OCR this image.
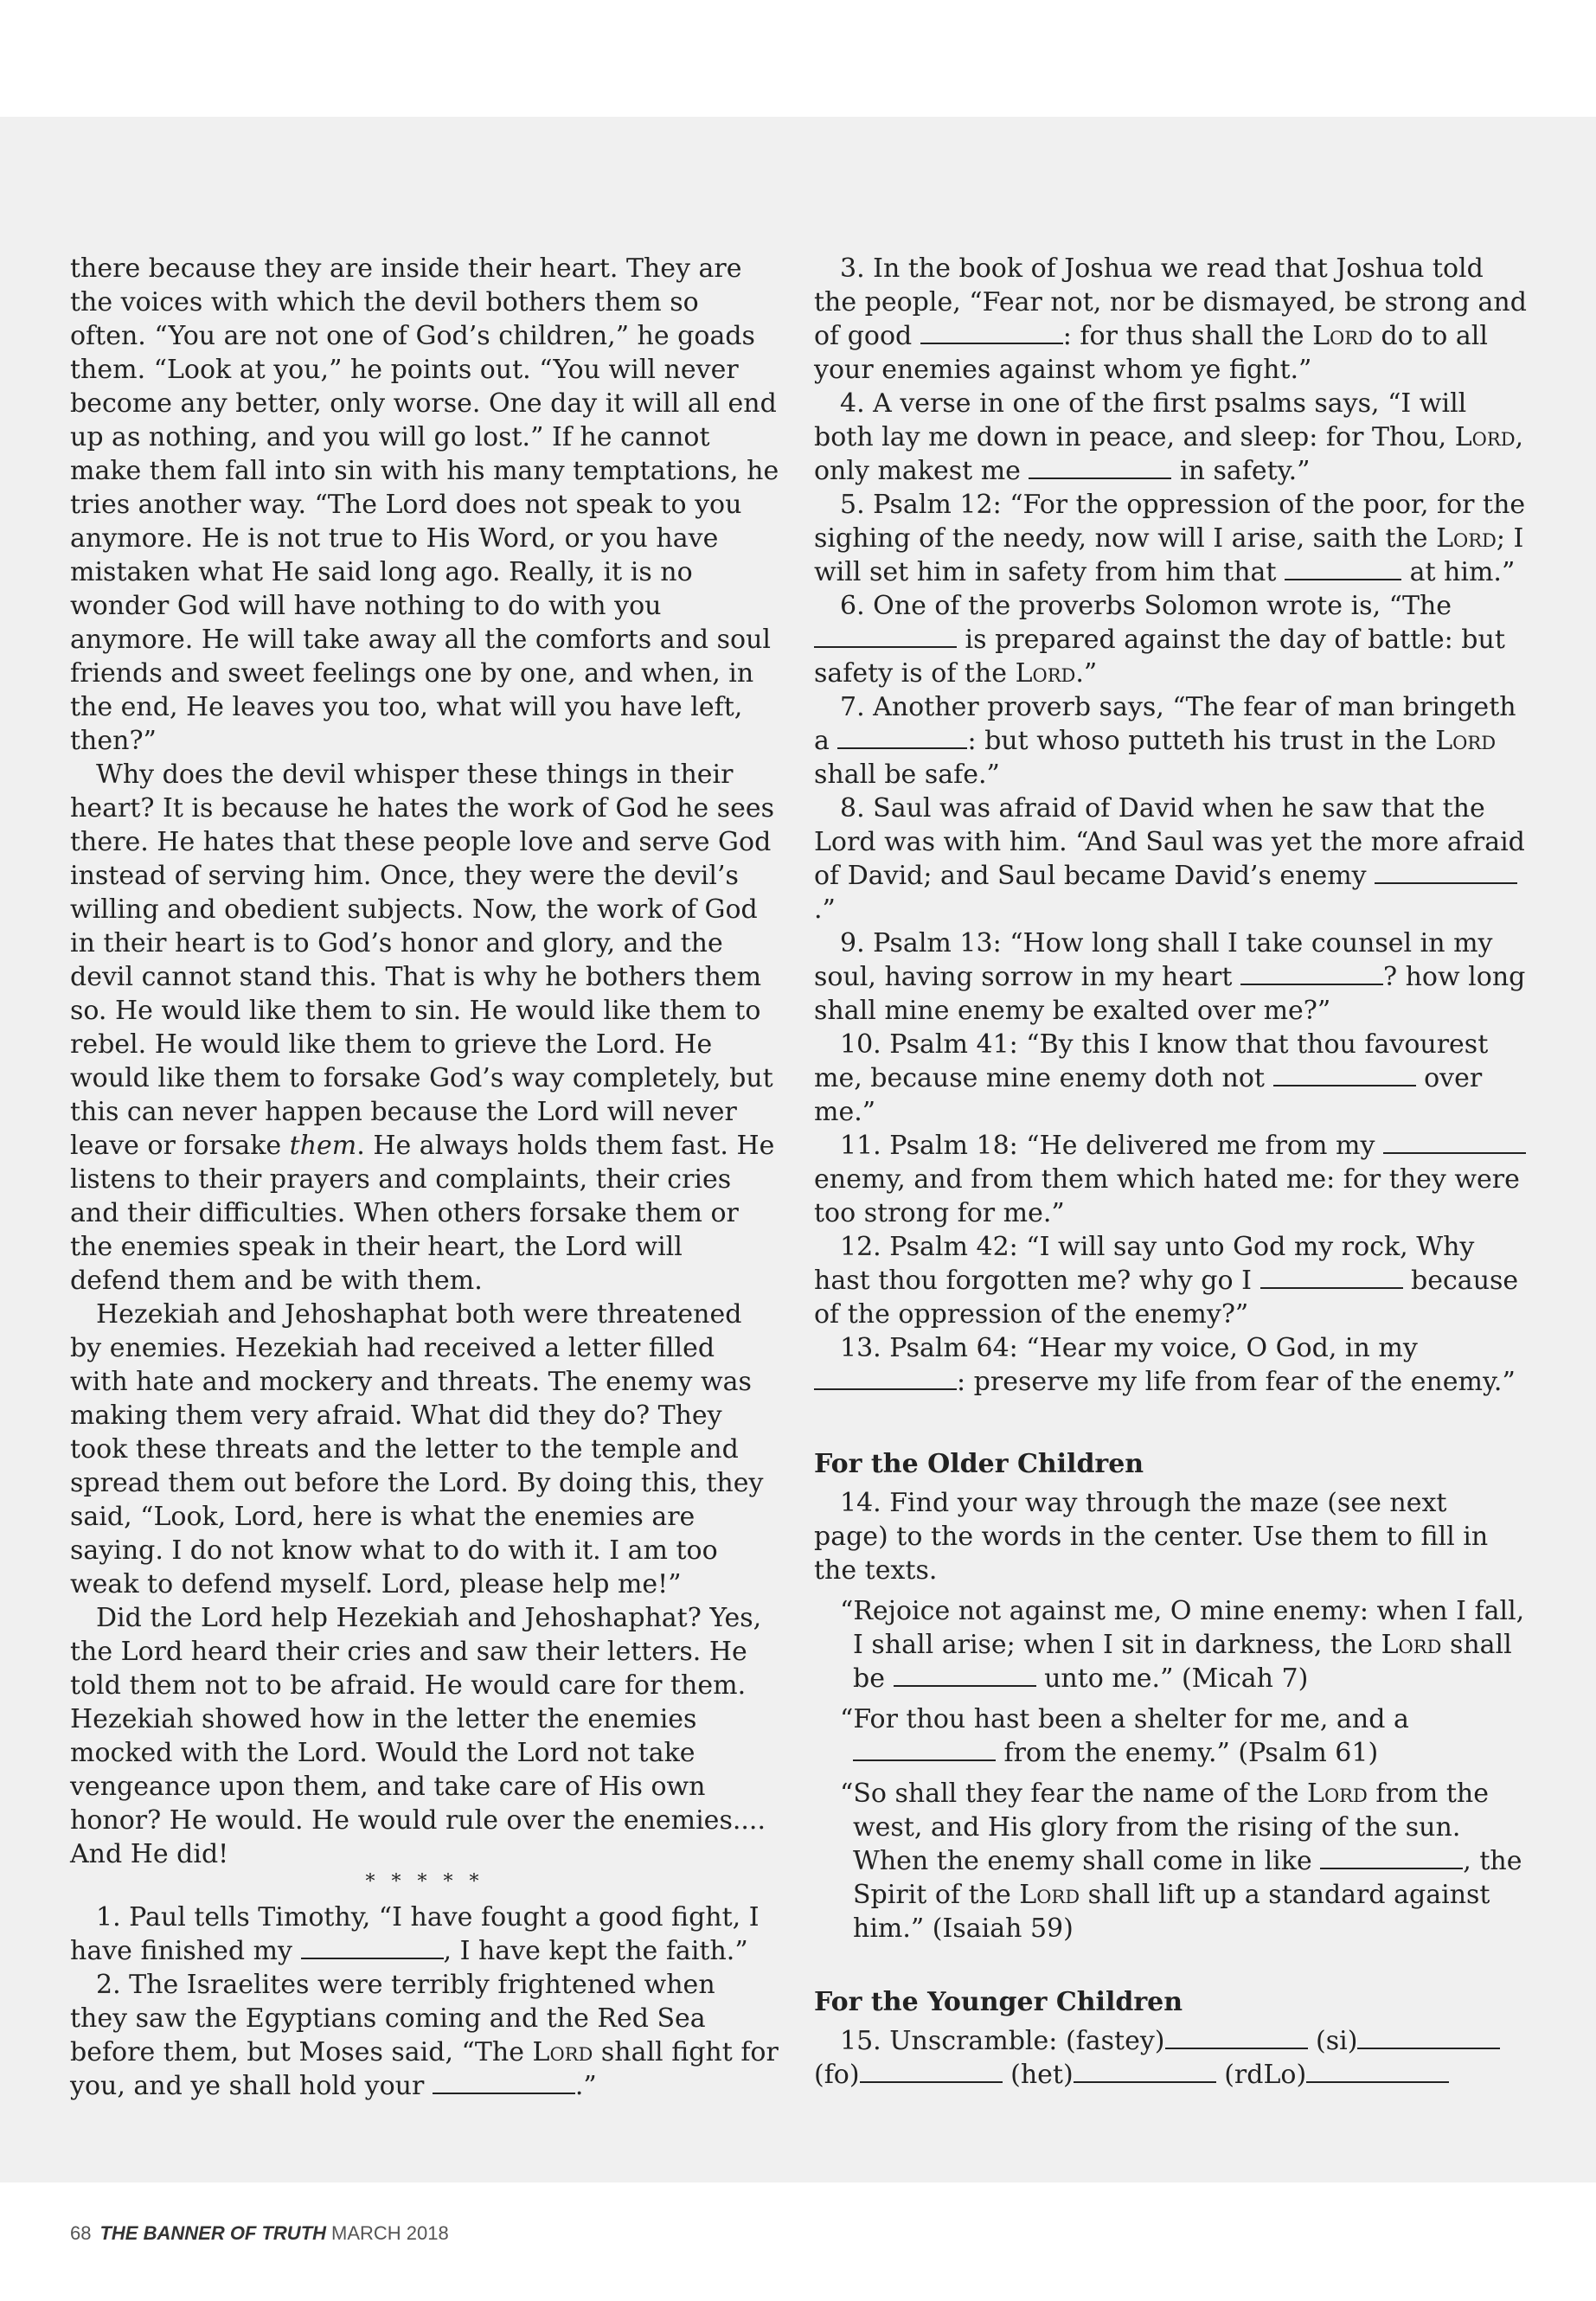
there because they are inside their heart. They are the voices with which the devil bothers them so often. “You are not one of God’s children,” he goads them. “Look at you,” he points out. “You will never become any better, only worse. One day it will all end up as nothing, and you will go lost.” If he cannot make them fall into sin with his many temptations, he tries another way. “The Lord does not speak to you anymore. He is not true to His Word, or you have mistaken what He said long ago. Really, it is no wonder God will have nothing to do with you anymore. He will take away all the comforts and soul friends and sweet feelings one by one, and when, in the end, He leaves you too, what will you have left, then?”

Why does the devil whisper these things in their heart? It is because he hates the work of God he sees there. He hates that these people love and serve God instead of serving him. Once, they were the devil’s willing and obedient subjects. Now, the work of God in their heart is to God’s honor and glory, and the devil cannot stand this. That is why he bothers them so. He would like them to sin. He would like them to rebel. He would like them to grieve the Lord. He would like them to forsake God’s way completely, but this can never happen because the Lord will never leave or forsake them. He always holds them fast. He listens to their prayers and complaints, their cries and their difficulties. When others forsake them or the enemies speak in their heart, the Lord will defend them and be with them.

Hezekiah and Jehoshaphat both were threatened by enemies. Hezekiah had received a letter filled with hate and mockery and threats. The enemy was making them very afraid. What did they do? They took these threats and the letter to the temple and spread them out before the Lord. By doing this, they said, “Look, Lord, here is what the enemies are saying. I do not know what to do with it. I am too weak to defend myself. Lord, please help me!”

Did the Lord help Hezekiah and Jehoshaphat? Yes, the Lord heard their cries and saw their letters. He told them not to be afraid. He would care for them. Hezekiah showed how in the letter the enemies mocked with the Lord. Would the Lord not take vengeance upon them, and take care of His own honor? He would. He would rule over the enemies.... And He did!

* * * * *

1. Paul tells Timothy, “I have fought a good fight, I have finished my	, I have kept the faith.”

2. The Israelites were terribly frightened when they saw the Egyptians coming and the Red Sea before them, but Moses said, “The Lord shall fight for you, and ye shall hold your	.”

3. In the book of Joshua we read that Joshua told the people, “Fear not, nor be dismayed, be strong and of good	: for thus shall the Lord do to all your enemies against whom ye fight.”

4. A verse in one of the first psalms says, “I will both lay me down in peace, and sleep: for Thou, Lord, only makest me	in safety.”

5. Psalm 12: “For the oppression of the poor, for the sighing of the needy, now will I arise, saith the Lord; I will set him in safety from him that	at him.”

6. One of the proverbs Solomon wrote is, “The  is prepared against the day of battle: but safety is of the Lord.”

7. Another proverb says, “The fear of man bringeth a	: but whoso putteth his trust in the Lord shall be safe.”

8. Saul was afraid of David when he saw that the Lord was with him. “And Saul was yet the more afraid of David; and Saul became David’s enemy .”

9. Psalm 13: “How long shall I take counsel in my soul, having sorrow in my heart	? how long shall mine enemy be exalted over me?”

10. Psalm 41: “By this I know that thou favourest me, because mine enemy doth not	over me.”

11. Psalm 18: “He delivered me from my  enemy, and from them which hated me: for they were too strong for me.”

12. Psalm 42: “I will say unto God my rock, Why hast thou forgotten me? why go I	because of the oppression of the enemy?”

13. Psalm 64: “Hear my voice, O God, in my : preserve my life from fear of the enemy.”

For the Older Children

14. Find your way through the maze (see next page) to the words in the center. Use them to fill in the texts.

“Rejoice not against me, O mine enemy: when I fall, I shall arise; when I sit in darkness, the Lord shall be	unto me.” (Micah 7)

“For thou hast been a shelter for me, and a  from the enemy.” (Psalm 61)

“So shall they fear the name of the Lord from the west, and His glory from the rising of the sun. When the enemy shall come in like	, the Spirit of the Lord shall lift up a standard against him.” (Isaiah 59)

For the Younger Children

15. Unscramble: (fastey)	(si) (fo)	(het)	(rdLo)

68 THE BANNER OF TRUTH MARCH 2018
